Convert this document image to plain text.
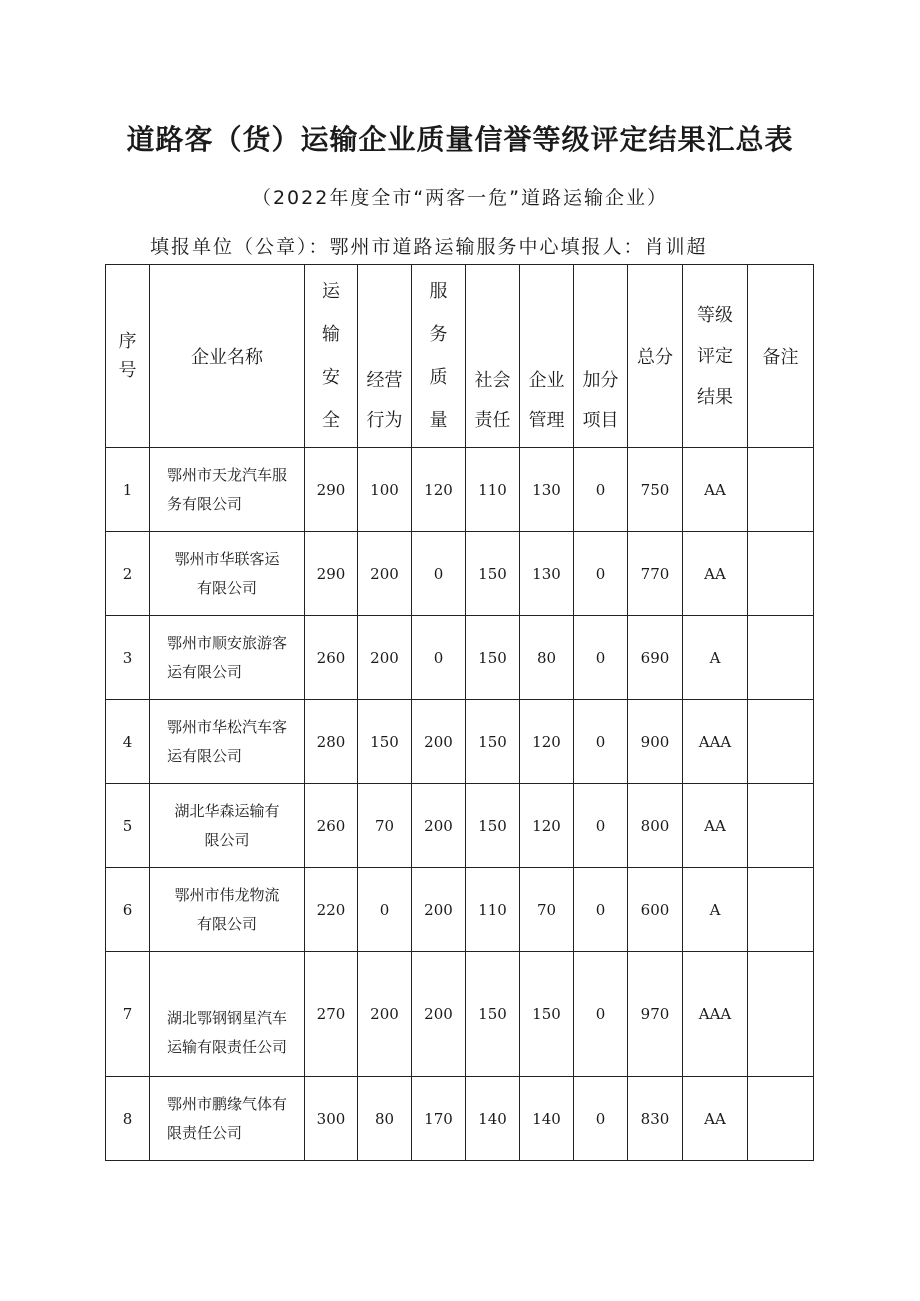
道路客（货）运输企业质量信誉等级评定结果汇总表
（2022年度全市“两客一危”道路运输企业）
填报单位（公章）：鄂州市道路运输服务中心填报人：肖训超
序
号	企业名称	运
输
安
全	经营
行为	服
务
质
量	社会
责任	企业
管理	加分
项目	总分	等级
评定
结果	备注
1	鄂州市天龙汽车服
务有限公司	290	100	120	110	130	0	750	AA	
2	鄂州市华联客运
有限公司	290	200	0	150	130	0	770	AA	
3	鄂州市顺安旅游客
运有限公司	260	200	0	150	80	0	690	A	
4	鄂州市华松汽车客
运有限公司	280	150	200	150	120	0	900	AAA	
5	湖北华森运输有
限公司	260	70	200	150	120	0	800	AA	
6	鄂州市伟龙物流
有限公司	220	0	200	110	70	0	600	A	
7	湖北鄂钢钢星汽车
运输有限责任公司	270	200	200	150	150	0	970	AAA	
8	鄂州市鹏缘气体有
限责任公司	300	80	170	140	140	0	830	AA	
